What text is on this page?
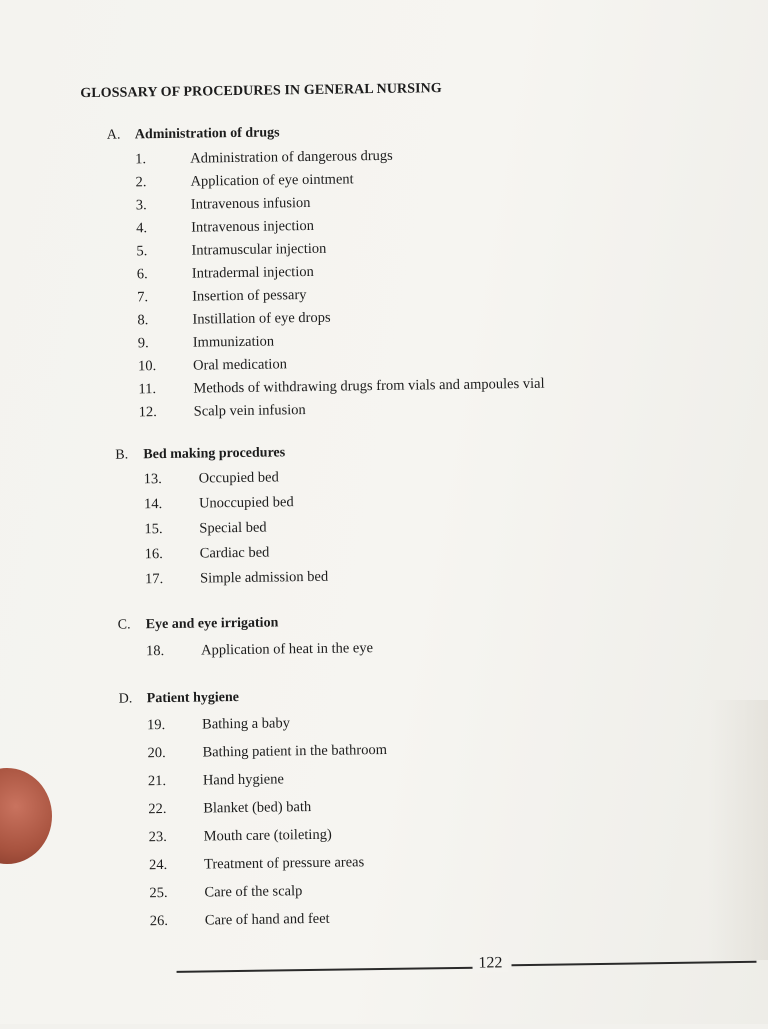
GLOSSARY OF PROCEDURES IN GENERAL NURSING
A. Administration of drugs
1.	Administration of dangerous drugs
2.	Application of eye ointment
3.	Intravenous infusion
4.	Intravenous injection
5.	Intramuscular injection
6.	Intradermal injection
7.	Insertion of pessary
8.	Instillation of eye drops
9.	Immunization
10.	Oral medication
11.	Methods of withdrawing drugs from vials and ampoules vial
12.	Scalp vein infusion
B. Bed making procedures
13.	Occupied bed
14.	Unoccupied bed
15.	Special bed
16.	Cardiac bed
17.	Simple admission bed
C. Eye and eye irrigation
18.	Application of heat in the eye
D. Patient hygiene
19.	Bathing a baby
20.	Bathing patient in the bathroom
21.	Hand hygiene
22.	Blanket (bed) bath
23.	Mouth care (toileting)
24.	Treatment of pressure areas
25.	Care of the scalp
26.	Care of hand and feet
122
